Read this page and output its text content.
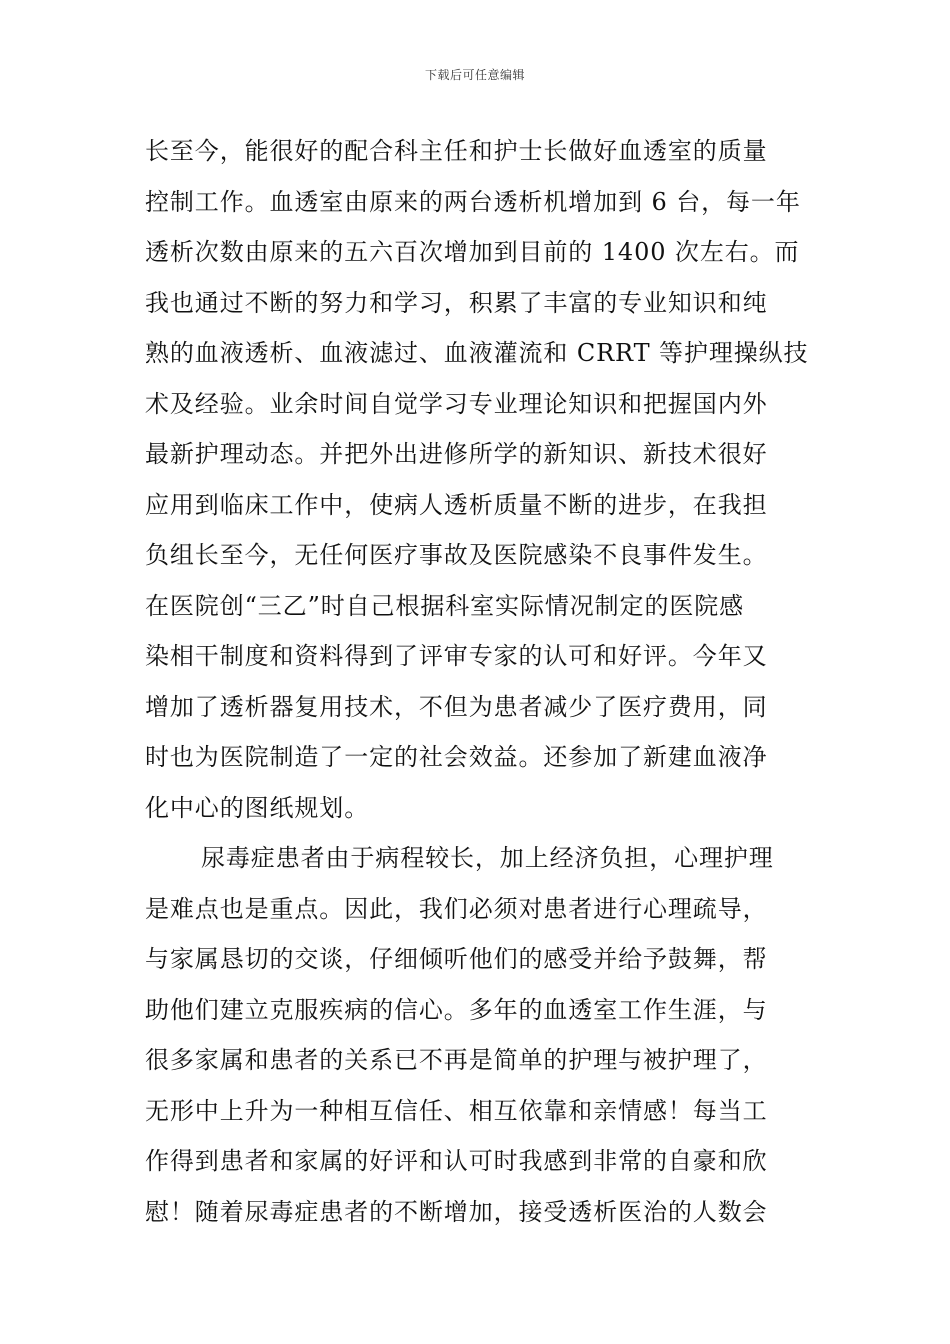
下载后可任意编辑
长至今，能很好的配合科主任和护士长做好血透室的质量
控制工作。血透室由原来的两台透析机增加到 6 台，每一年
透析次数由原来的五六百次增加到目前的 1400 次左右。而
我也通过不断的努力和学习，积累了丰富的专业知识和纯
熟的血液透析、血液滤过、血液灌流和 CRRT 等护理操纵技
术及经验。业余时间自觉学习专业理论知识和把握国内外
最新护理动态。并把外出进修所学的新知识、新技术很好
应用到临床工作中，使病人透析质量不断的进步，在我担
负组长至今，无任何医疗事故及医院感染不良事件发生。
在医院创“三乙”时自己根据科室实际情况制定的医院感
染相干制度和资料得到了评审专家的认可和好评。今年又
增加了透析器复用技术，不但为患者减少了医疗费用，同
时也为医院制造了一定的社会效益。还参加了新建血液净
化中心的图纸规划。
尿毒症患者由于病程较长，加上经济负担，心理护理
是难点也是重点。因此，我们必须对患者进行心理疏导，
与家属恳切的交谈，仔细倾听他们的感受并给予鼓舞，帮
助他们建立克服疾病的信心。多年的血透室工作生涯，与
很多家属和患者的关系已不再是简单的护理与被护理了，
无形中上升为一种相互信任、相互依靠和亲情感！每当工
作得到患者和家属的好评和认可时我感到非常的自豪和欣
慰！随着尿毒症患者的不断增加，接受透析医治的人数会
